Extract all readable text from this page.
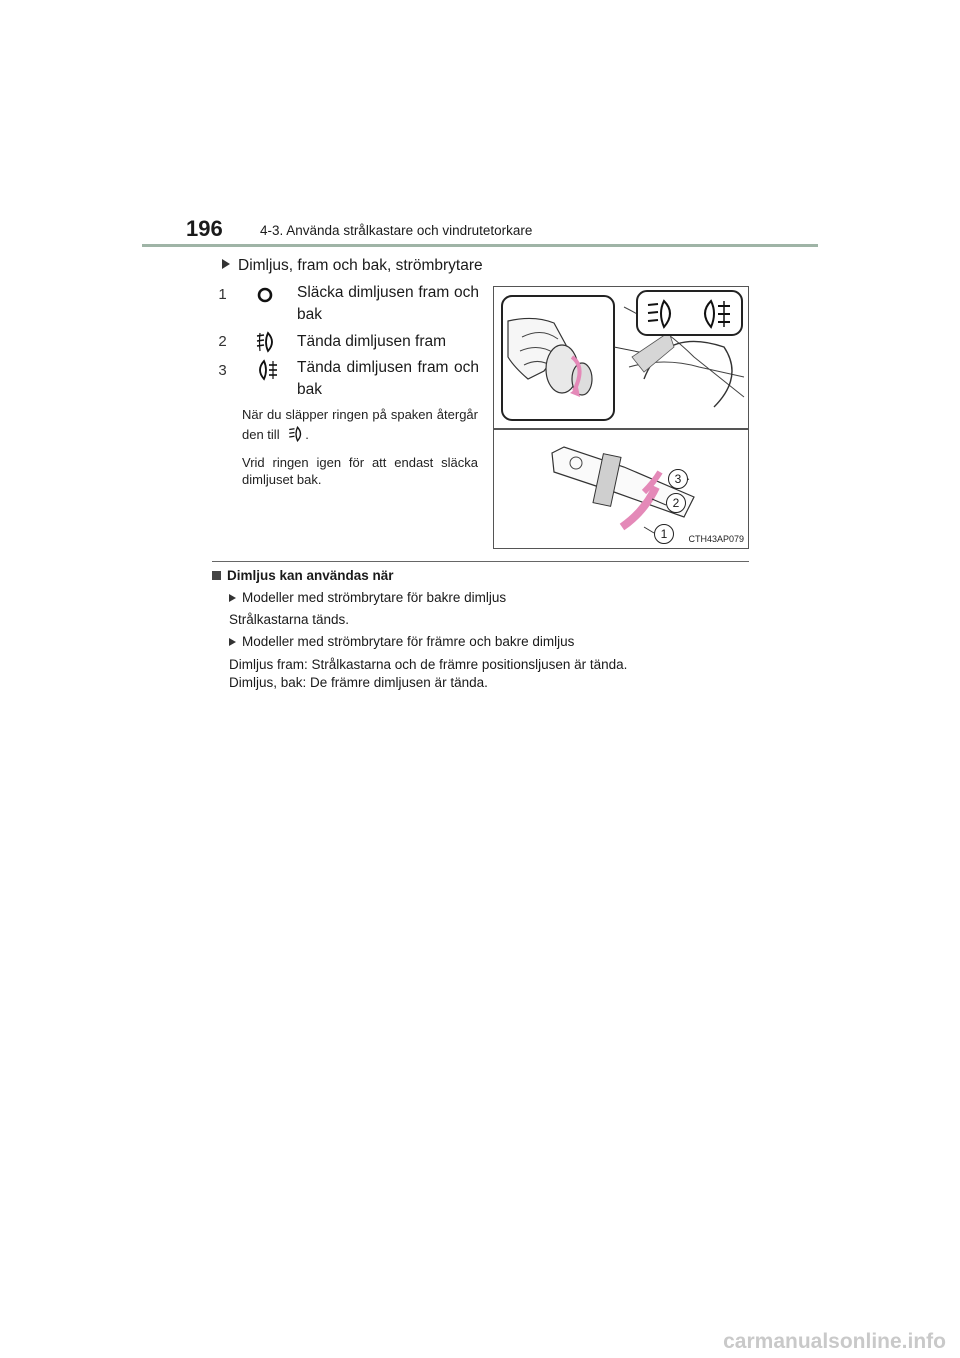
196	4-3. Använda strålkastare och vindrutetorkare
Dimljus, fram och bak, strömbrytare
1	Släcka dimljusen fram och bak
2	Tända dimljusen fram
3	Tända dimljusen fram och bak
När du släpper ringen på spaken återgår den till .
Vrid ringen igen för att endast släcka dimljuset bak.	3
2
1	CTH43AP079
Dimljus kan användas när
Modeller med strömbrytare för bakre dimljus
Strålkastarna tänds.
Modeller med strömbrytare för främre och bakre dimljus
Dimljus fram: Strålkastarna och de främre positionsljusen är tända.
Dimljus, bak: De främre dimljusen är tända.
carmanualsonline.info
